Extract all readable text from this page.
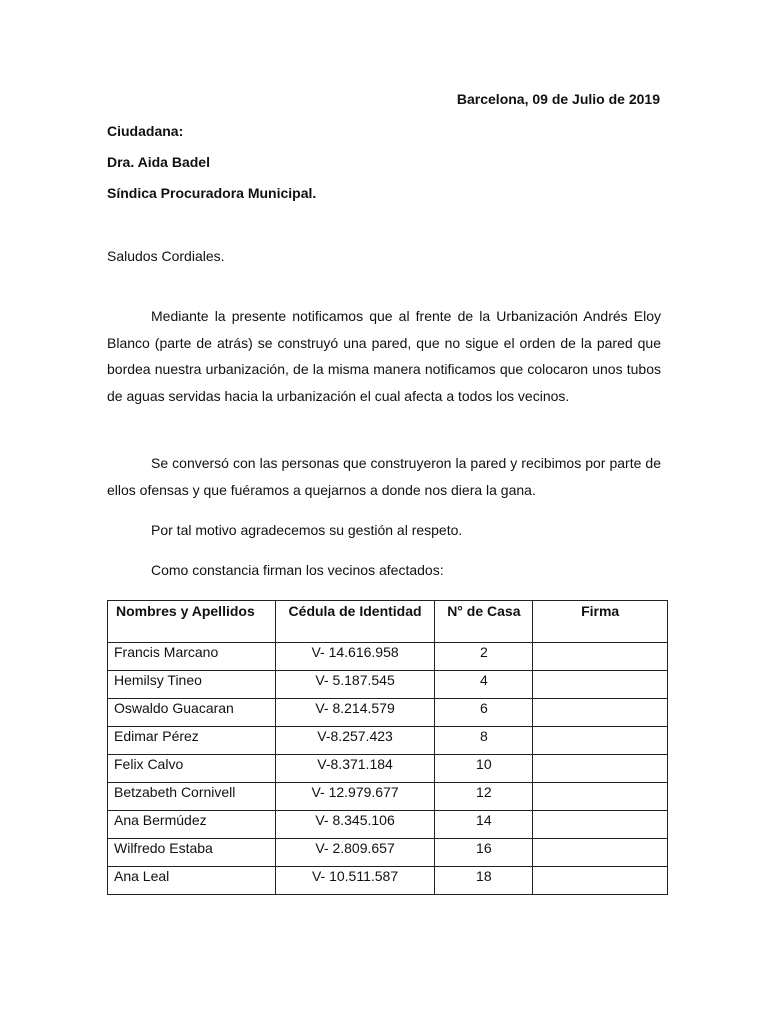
Barcelona, 09 de Julio de 2019
Ciudadana:
Dra. Aida Badel
Síndica Procuradora Municipal.
Saludos Cordiales.
Mediante la presente notificamos que al frente de la Urbanización Andrés Eloy Blanco (parte de atrás) se construyó una pared, que no sigue el orden de la pared que bordea nuestra urbanización, de la misma manera notificamos que colocaron unos tubos de aguas servidas hacia la urbanización el cual afecta a todos los vecinos.
Se conversó con las personas que construyeron la pared y recibimos por parte de ellos ofensas y que fuéramos a quejarnos a donde nos diera la gana.
Por tal motivo agradecemos su gestión al respeto.
Como constancia firman los vecinos afectados:
Nombres y Apellidos	Cédula de Identidad	N° de Casa	Firma
Francis Marcano	V- 14.616.958	2	
Hemilsy Tineo	V- 5.187.545	4	
Oswaldo Guacaran	V- 8.214.579	6	
Edimar Pérez	V-8.257.423	8	
Felix Calvo	V-8.371.184	10	
Betzabeth Cornivell	V- 12.979.677	12	
Ana Bermúdez	V- 8.345.106	14	
Wilfredo Estaba	V- 2.809.657	16	
Ana Leal	V- 10.511.587	18	
